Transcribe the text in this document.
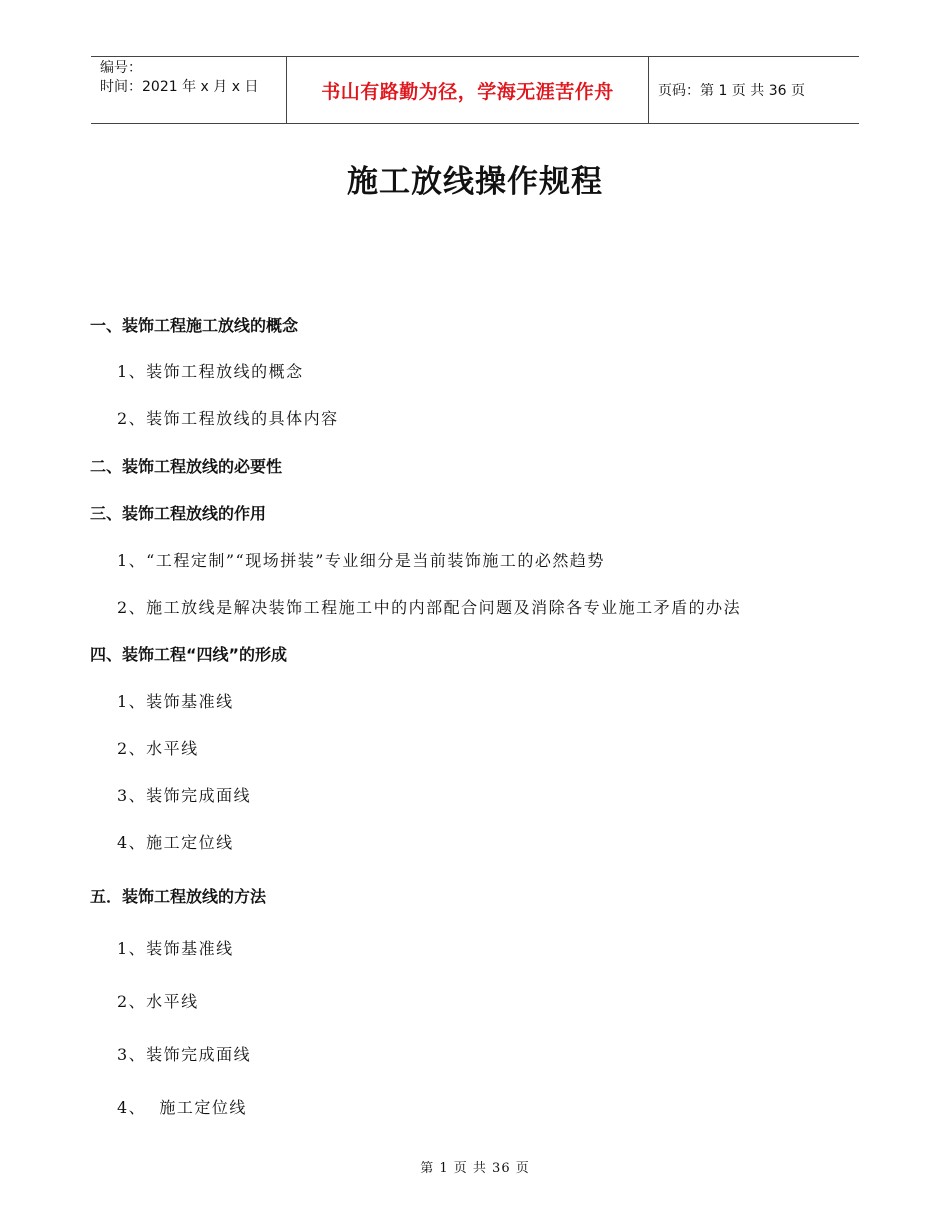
编号：
时间：2021 年 x 月 x 日	书山有路勤为径，学海无涯苦作舟	页码：第 1 页 共 36 页
施工放线操作规程
一、装饰工程施工放线的概念
1、装饰工程放线的概念
2、装饰工程放线的具体内容
二、装饰工程放线的必要性
三、装饰工程放线的作用
1、“工程定制”“现场拼装”专业细分是当前装饰施工的必然趋势
2、施工放线是解决装饰工程施工中的内部配合问题及消除各专业施工矛盾的办法
四、装饰工程“四线”的形成
1、装饰基准线
2、水平线
3、装饰完成面线
4、施工定位线
五．装饰工程放线的方法
1、装饰基准线
2、水平线
3、装饰完成面线
4、  施工定位线
第 1 页 共 36 页
